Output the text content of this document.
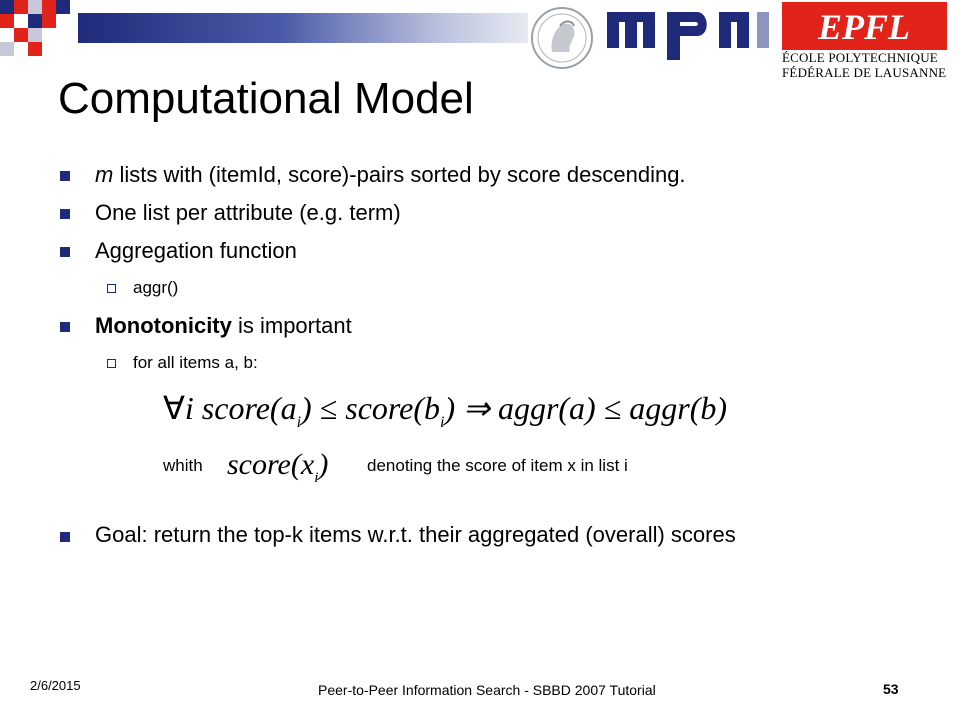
EPFL
ÉCOLE POLYTECHNIQUE
FÉDÉRALE DE LAUSANNE
Computational Model
m lists with (itemId, score)-pairs sorted by score descending.
One list per attribute (e.g. term)
Aggregation function
aggr()
Monotonicity is important
for all items a, b:
∀i $score(a_i)$ ≤ $score(b_i)$ ⇒ aggr(a) ≤ aggr(b)
whith $score(x_i)$ denoting the score of item x in list i
Goal: return the top-k items w.r.t. their aggregated (overall) scores
2/6/2015	Peer-to-Peer Information Search - SBBD 2007 Tutorial	53
